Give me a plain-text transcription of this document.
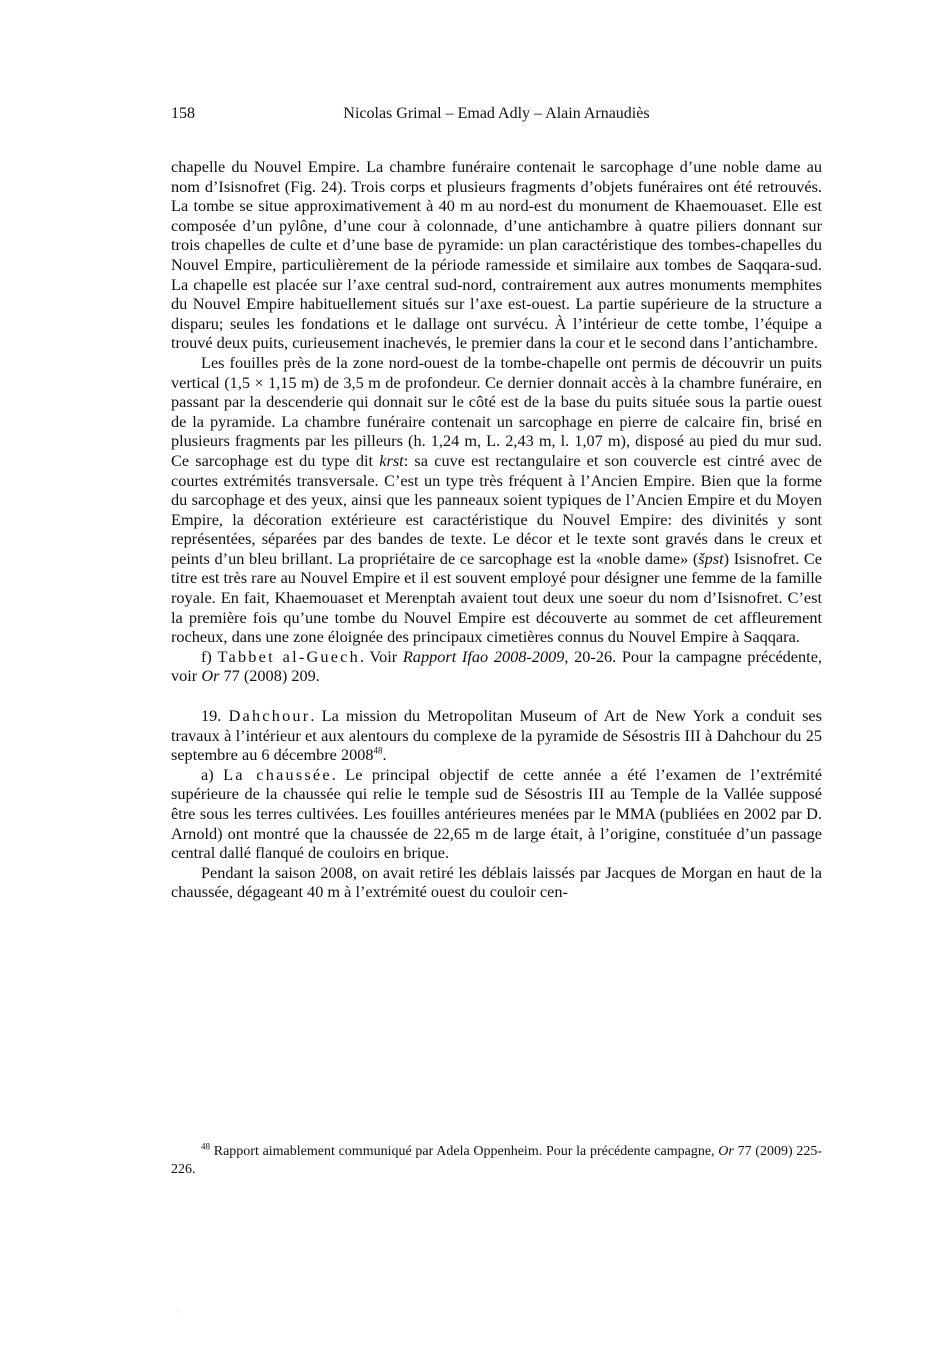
158	Nicolas Grimal – Emad Adly – Alain Arnaudiès

chapelle du Nouvel Empire. La chambre funéraire contenait le sarcophage d’une noble dame au nom d’Isisnofret (Fig. 24). Trois corps et plusieurs fragments d’objets funéraires ont été retrouvés. La tombe se situe approximativement à 40 m au nord-est du monument de Khaemouaset. Elle est composée d’un pylône, d’une cour à colonnade, d’une antichambre à quatre piliers donnant sur trois chapelles de culte et d’une base de pyramide: un plan caractéristique des tombes-chapelles du Nouvel Empire, particulièrement de la période ramesside et similaire aux tombes de Saqqara-sud. La chapelle est placée sur l’axe central sud-nord, contrairement aux autres monuments memphites du Nouvel Empire habituellement situés sur l’axe est-ouest. La partie supérieure de la structure a disparu; seules les fondations et le dallage ont survécu. À l’intérieur de cette tombe, l’équipe a trouvé deux puits, curieusement inachevés, le premier dans la cour et le second dans l’antichambre.

Les fouilles près de la zone nord-ouest de la tombe-chapelle ont permis de découvrir un puits vertical (1,5 × 1,15 m) de 3,5 m de profondeur. Ce dernier donnait accès à la chambre funéraire, en passant par la descenderie qui donnait sur le côté est de la base du puits située sous la partie ouest de la pyramide. La chambre funéraire contenait un sarcophage en pierre de calcaire fin, brisé en plusieurs fragments par les pilleurs (h. 1,24 m, L. 2,43 m, l. 1,07 m), disposé au pied du mur sud. Ce sarcophage est du type dit krst: sa cuve est rectangulaire et son couvercle est cintré avec de courtes extrémités transversale. C’est un type très fréquent à l’Ancien Empire. Bien que la forme du sarcophage et des yeux, ainsi que les panneaux soient typiques de l’Ancien Empire et du Moyen Empire, la décoration extérieure est caractéristique du Nouvel Empire: des divinités y sont représentées, séparées par des bandes de texte. Le décor et le texte sont gravés dans le creux et peints d’un bleu brillant. La propriétaire de ce sarcophage est la «noble dame» (špst) Isisnofret. Ce titre est très rare au Nouvel Empire et il est souvent employé pour désigner une femme de la famille royale. En fait, Khaemouaset et Merenptah avaient tout deux une soeur du nom d’Isisnofret. C’est la première fois qu’une tombe du Nouvel Empire est découverte au sommet de cet affleurement rocheux, dans une zone éloignée des principaux cimetières connus du Nouvel Empire à Saqqara.

f) Tabbet al-Guech. Voir Rapport Ifao 2008-2009, 20-26. Pour la campagne précédente, voir Or 77 (2008) 209.

19. Dahchour. La mission du Metropolitan Museum of Art de New York a conduit ses travaux à l’intérieur et aux alentours du complexe de la pyramide de Sésostris III à Dahchour du 25 septembre au 6 décembre 2008$^{48}$.

a) La chaussée. Le principal objectif de cette année a été l’examen de l’extrémité supérieure de la chaussée qui relie le temple sud de Sésostris III au Temple de la Vallée supposé être sous les terres cultivées. Les fouilles antérieures menées par le MMA (publiées en 2002 par D. Arnold) ont montré que la chaussée de 22,65 m de large était, à l’origine, constituée d’un passage central dallé flanqué de couloirs en brique.

Pendant la saison 2008, on avait retiré les déblais laissés par Jacques de Morgan en haut de la chaussée, dégageant 40 m à l’extrémité ouest du couloir cen-

$^{48}$ Rapport aimablement communiqué par Adela Oppenheim. Pour la précédente campagne, Or 77 (2009) 225-226.

·
